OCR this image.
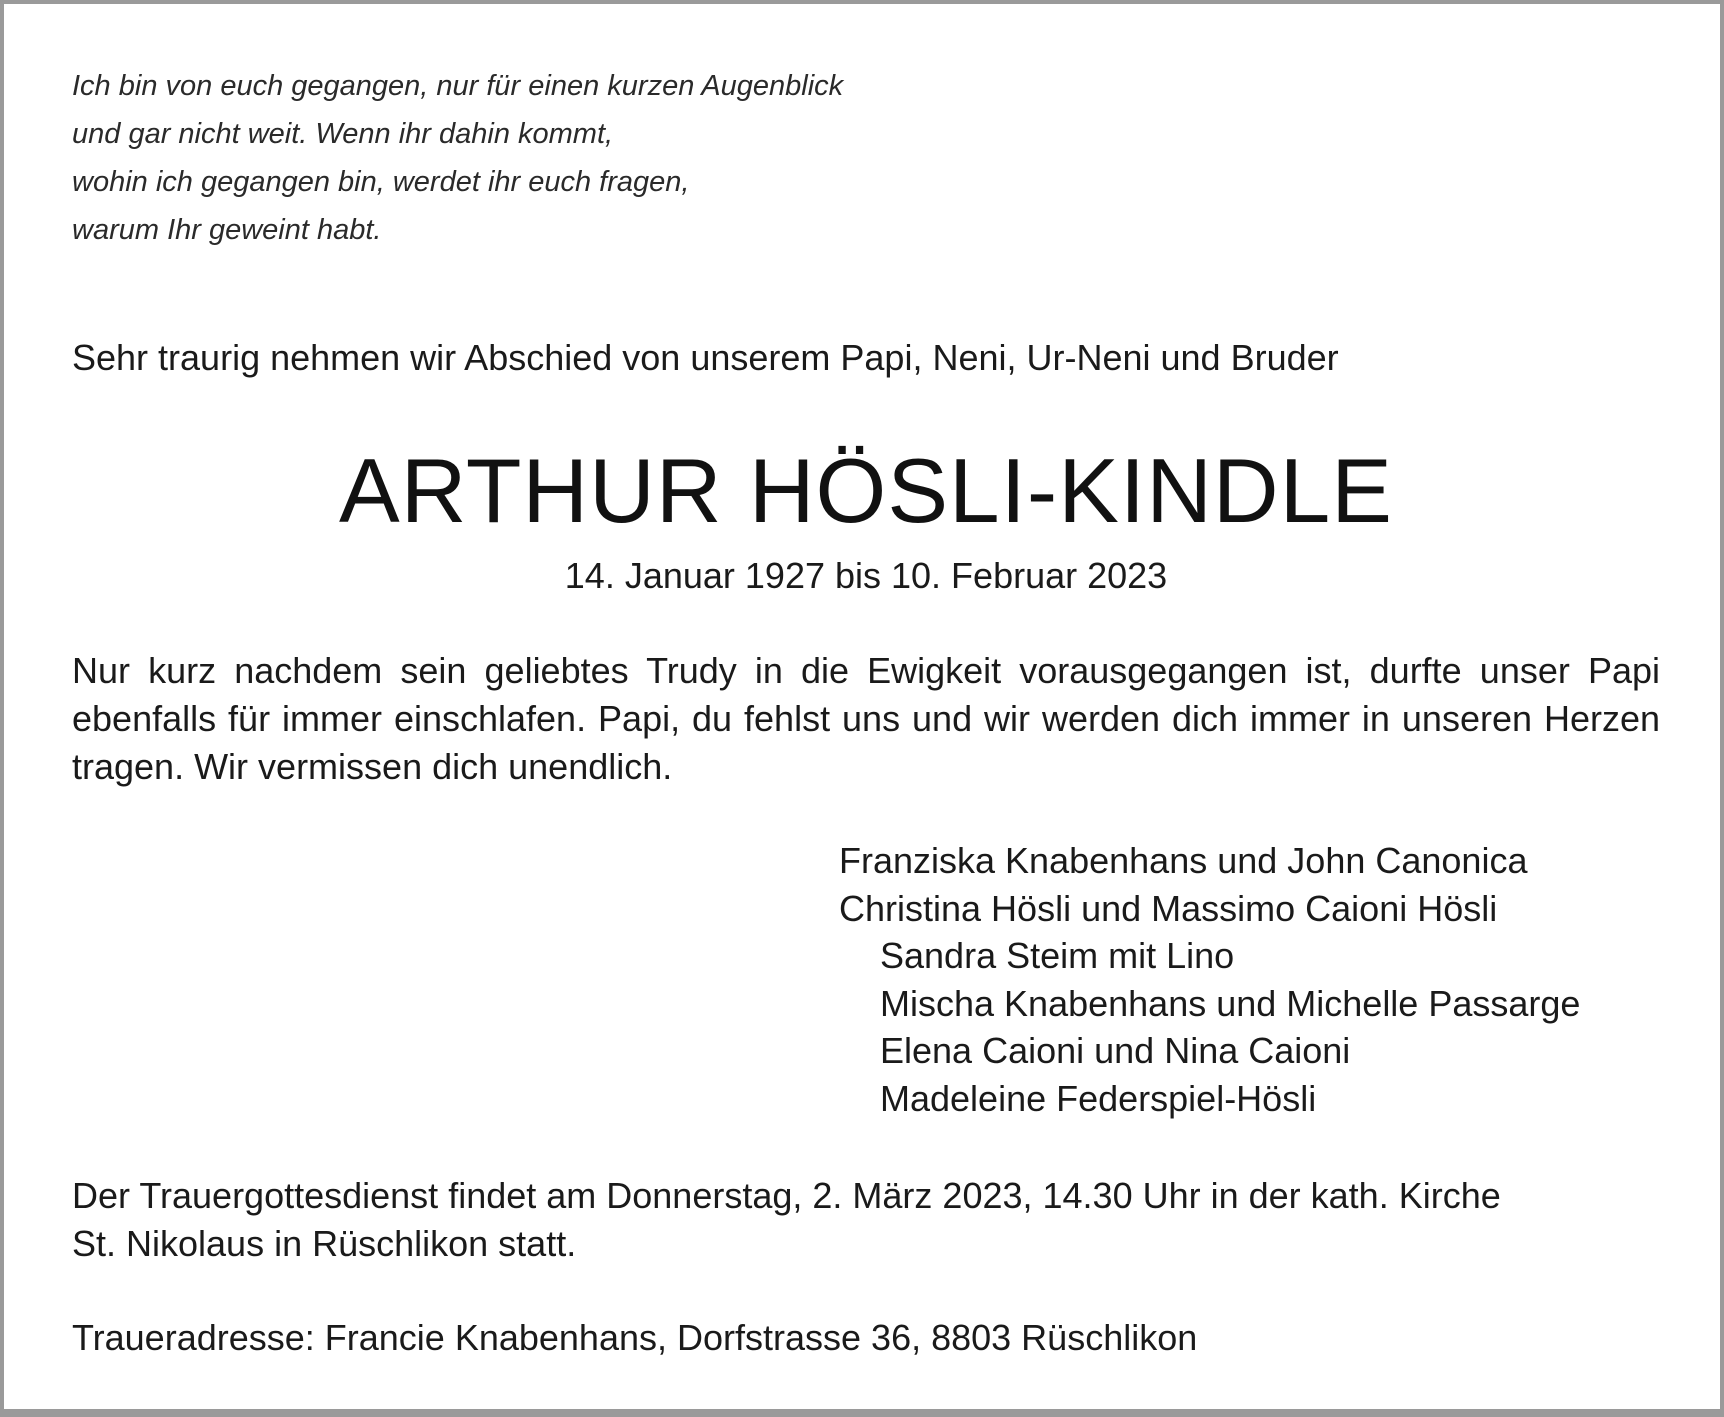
Ich bin von euch gegangen, nur für einen kurzen Augenblick
und gar nicht weit. Wenn ihr dahin kommt,
wohin ich gegangen bin, werdet ihr euch fragen,
warum Ihr geweint habt.
Sehr traurig nehmen wir Abschied von unserem Papi, Neni, Ur-Neni und Bruder
ARTHUR HÖSLI-KINDLE
14. Januar 1927 bis 10. Februar 2023
Nur kurz nachdem sein geliebtes Trudy in die Ewigkeit vorausgegangen ist, durfte unser Papi ebenfalls für immer einschlafen. Papi, du fehlst uns und wir werden dich immer in unseren Herzen tragen. Wir vermissen dich unendlich.
Franziska Knabenhans und John Canonica
Christina Hösli und Massimo Caioni Hösli
Sandra Steim mit Lino
Mischa Knabenhans und Michelle Passarge
Elena Caioni und Nina Caioni
Madeleine Federspiel-Hösli
Der Trauergottesdienst findet am Donnerstag, 2. März 2023, 14.30 Uhr in der kath. Kirche
St. Nikolaus in Rüschlikon statt.
Traueradresse: Francie Knabenhans, Dorfstrasse 36, 8803 Rüschlikon
